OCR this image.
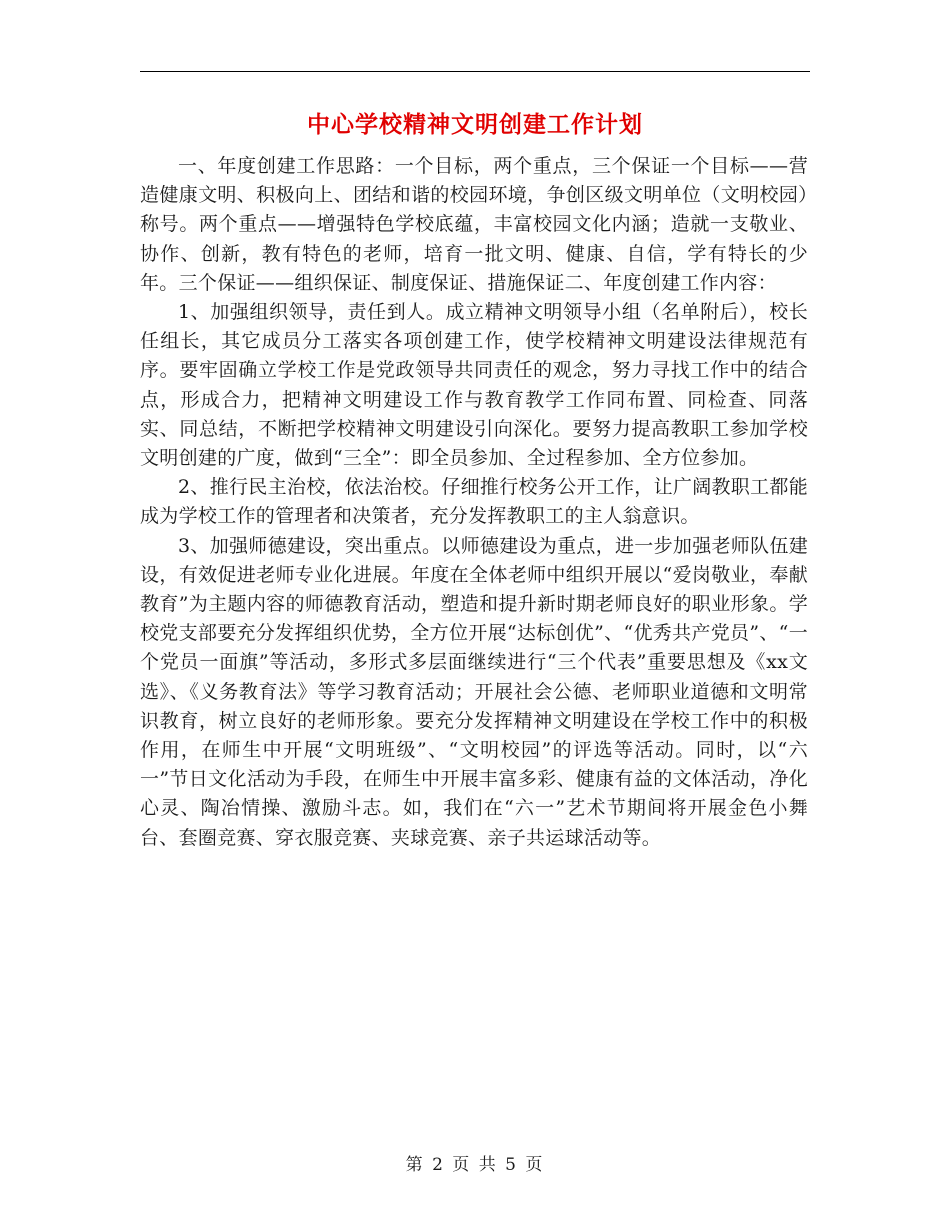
中心学校精神文明创建工作计划

一、年度创建工作思路：一个目标，两个重点，三个保证一个目标——营造健康文明、积极向上、团结和谐的校园环境，争创区级文明单位（文明校园）称号。两个重点——增强特色学校底蕴，丰富校园文化内涵；造就一支敬业、协作、创新，教有特色的老师，培育一批文明、健康、自信，学有特长的少年。三个保证——组织保证、制度保证、措施保证二、年度创建工作内容：

1、加强组织领导，责任到人。成立精神文明领导小组（名单附后），校长任组长，其它成员分工落实各项创建工作，使学校精神文明建设法律规范有序。要牢固确立学校工作是党政领导共同责任的观念，努力寻找工作中的结合点，形成合力，把精神文明建设工作与教育教学工作同布置、同检查、同落实、同总结，不断把学校精神文明建设引向深化。要努力提高教职工参加学校文明创建的广度，做到“三全”：即全员参加、全过程参加、全方位参加。

2、推行民主治校，依法治校。仔细推行校务公开工作，让广阔教职工都能成为学校工作的管理者和决策者，充分发挥教职工的主人翁意识。

3、加强师德建设，突出重点。以师德建设为重点，进一步加强老师队伍建设，有效促进老师专业化进展。年度在全体老师中组织开展以“爱岗敬业，奉献教育”为主题内容的师德教育活动，塑造和提升新时期老师良好的职业形象。学校党支部要充分发挥组织优势，全方位开展“达标创优”、“优秀共产党员”、“一个党员一面旗”等活动，多形式多层面继续进行“三个代表”重要思想及《xx文选》、《义务教育法》等学习教育活动；开展社会公德、老师职业道德和文明常识教育，树立良好的老师形象。要充分发挥精神文明建设在学校工作中的积极作用，在师生中开展“文明班级”、“文明校园”的评选等活动。同时，以“六一”节日文化活动为手段，在师生中开展丰富多彩、健康有益的文体活动，净化心灵、陶冶情操、激励斗志。如，我们在“六一”艺术节期间将开展金色小舞台、套圈竞赛、穿衣服竞赛、夹球竞赛、亲子共运球活动等。

第 2 页 共 5 页
